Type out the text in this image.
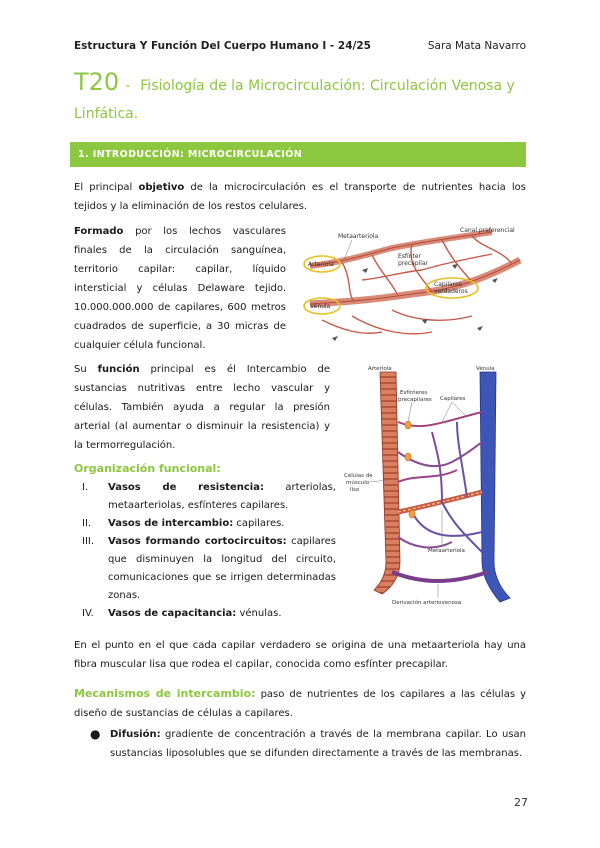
Estructura Y Función Del Cuerpo Humano I - 24/25	Sara Mata Navarro
T20 - Fisiología de la Microcirculación: Circulación Venosa y
Linfática.
1. INTRODUCCIÓN: MICROCIRCULACIÓN

El principal objetivo de la microcirculación es el transporte de nutrientes hacia los tejidos y la eliminación de los restos celulares.

Formado por los lechos vasculares finales de la circulación sanguínea, territorio capilar: capilar, líquido intersticial y células Delaware tejido. 10.000.000.000 de capilares, 600 metros cuadrados de superficie, a 30 micras de cualquier célula funcional.

Metaarteriola
Canal preferencial
Esfínter
precapilar
Arteriola
Capilares
verdaderos
Vénula

Su función principal es él Intercambio de sustancias nutritivas entre lecho vascular y células. También ayuda a regular la presión arterial (al aumentar o disminuir la resistencia) y la termorregulación.

Arteriola	Vénula
Esfínteres
precapilares Capilares
Células de
músculo
liso
Metaarteriola
Derivación arteriovenosa
Organización funcional:
I. Vasos de resistencia: arteriolas, metaarteriolas, esfínteres capilares.
II. Vasos de intercambio: capilares.
III. Vasos formando cortocircuitos: capilares que disminuyen la longitud del circuito, comunicaciones que se irrigen determinadas zonas.
IV. Vasos de capacitancia: vénulas.

En el punto en el que cada capilar verdadero se origina de una metaarteriola hay una fibra muscular lisa que rodea el capilar, conocida como esfínter precapilar.

Mecanismos de intercambio: paso de nutrientes de los capilares a las células y diseño de sustancias de células a capilares.

● Difusión: gradiente de concentración a través de la membrana capilar. Lo usan sustancias liposolubles que se difunden directamente a través de las membranas.
27
